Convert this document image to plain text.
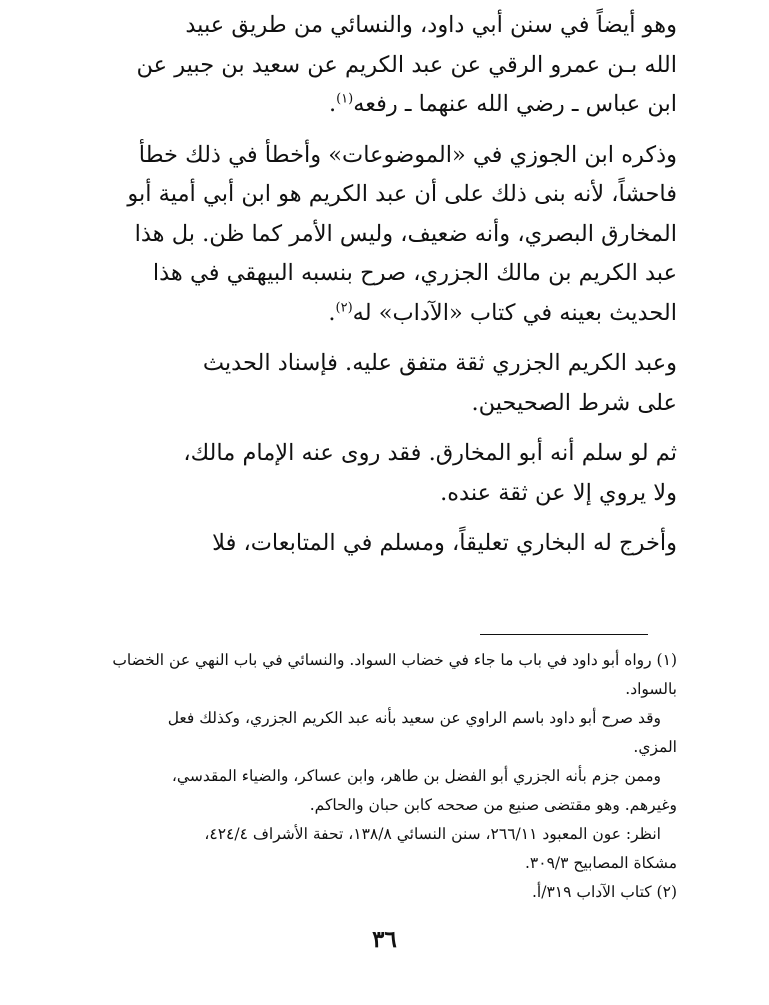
وهو أيضاً في سنن أبي داود، والنسائي من طريق عبيد
الله بـن عمرو الرقي عن عبد الكريم عن سعيد بن جبير عن
ابن عباس ـ رضي الله عنهما ـ رفعه$^{(١)}$.

وذكره ابن الجوزي في «الموضوعات» وأخطأ في ذلك خطأ
فاحشاً، لأنه بنى ذلك على أن عبد الكريم هو ابن أبي أمية أبو
المخارق البصري، وأنه ضعيف، وليس الأمر كما ظن. بل هذا
عبد الكريم بن مالك الجزري، صرح بنسبه البيهقي في هذا
الحديث بعينه في كتاب «الآداب» له$^{(٢)}$.

وعبد الكريم الجزري ثقة متفق عليه. فإسناد الحديث
على شرط الصحيحين.

ثم لو سلم أنه أبو المخارق. فقد روى عنه الإمام مالك،
ولا يروي إلا عن ثقة عنده.

وأخرج له البخاري تعليقاً، ومسلم في المتابعات، فلا

(١) رواه أبو داود في باب ما جاء في خضاب السواد. والنسائي في باب النهي عن الخضاب
بالسواد.

وقد صرح أبو داود باسم الراوي عن سعيد بأنه عبد الكريم الجزري، وكذلك فعل
المزي.

وممن جزم بأنه الجزري أبو الفضل بن طاهر، وابن عساكر، والضياء المقدسي،
وغيرهم. وهو مقتضى صنيع من صححه كابن حبان والحاكم.

انظر: عون المعبود ٢٦٦/١١، سنن النسائي ١٣٨/٨، تحفة الأشراف ٤٢٤/٤،
مشكاة المصابيح ٣٠٩/٣.

(٢) كتاب الآداب ٣١٩/أ.

٣٦
